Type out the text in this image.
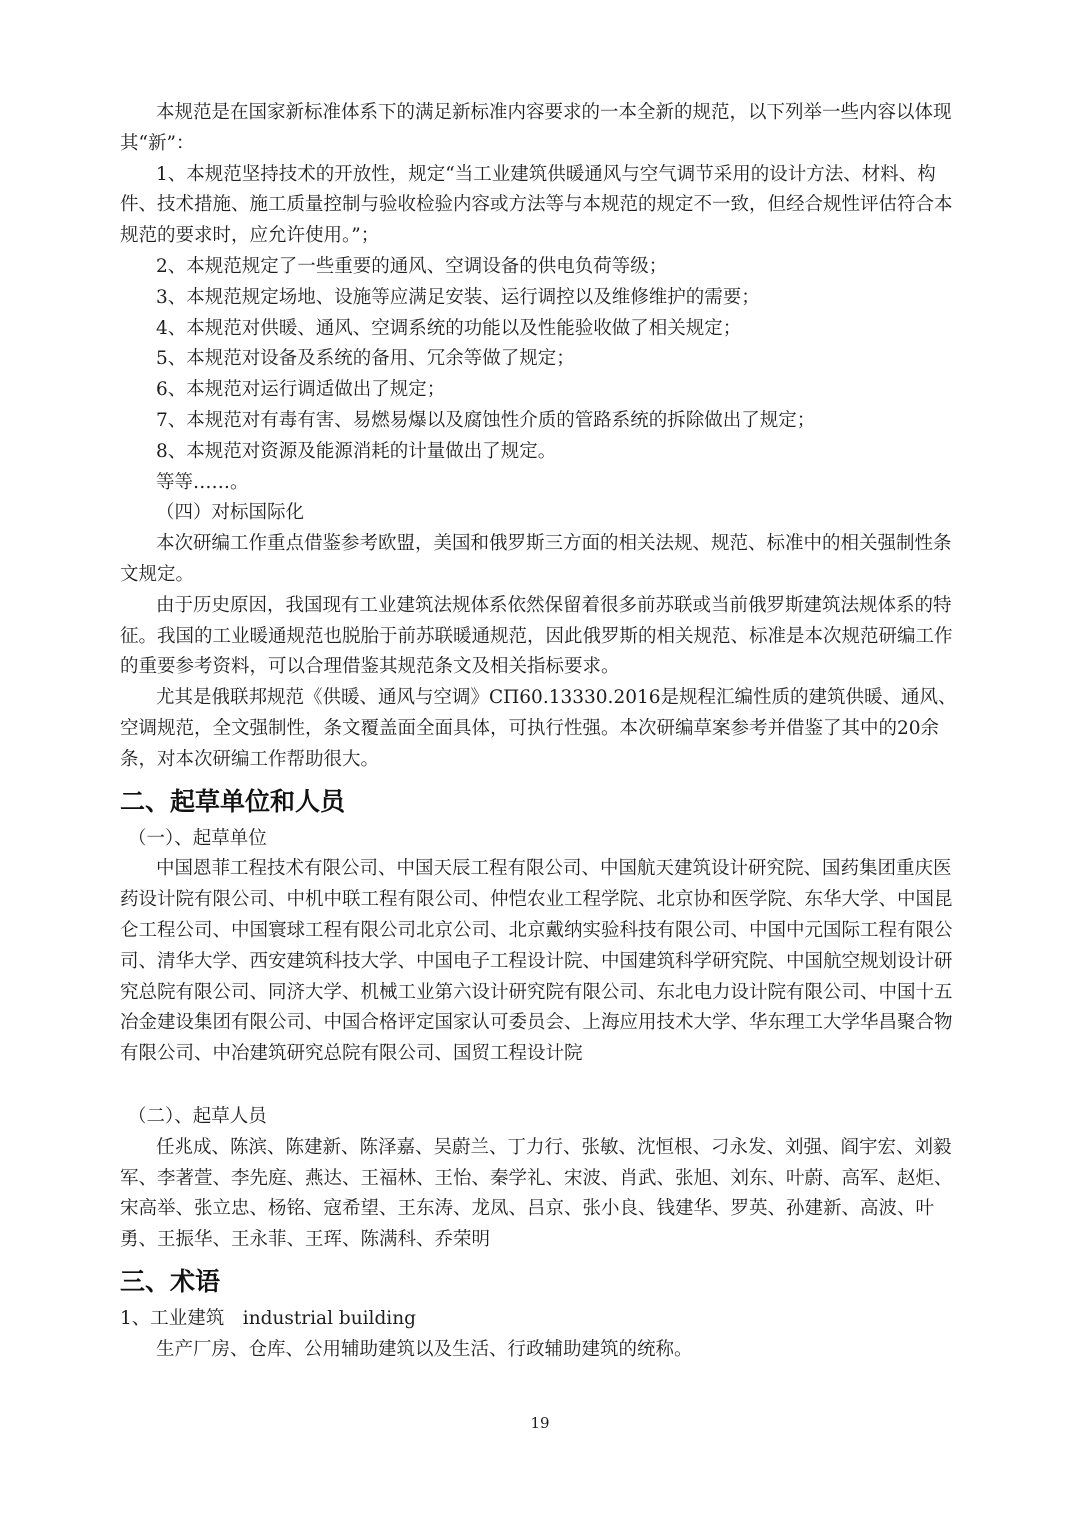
本规范是在国家新标准体系下的满足新标准内容要求的一本全新的规范，以下列举一些内容以体现其“新”：

1、本规范坚持技术的开放性，规定“当工业建筑供暖通风与空气调节采用的设计方法、材料、构件、技术措施、施工质量控制与验收检验内容或方法等与本规范的规定不一致，但经合规性评估符合本规范的要求时，应允许使用。”；

2、本规范规定了一些重要的通风、空调设备的供电负荷等级；

3、本规范规定场地、设施等应满足安装、运行调控以及维修维护的需要；

4、本规范对供暖、通风、空调系统的功能以及性能验收做了相关规定；

5、本规范对设备及系统的备用、冗余等做了规定；

6、本规范对运行调适做出了规定；

7、本规范对有毒有害、易燃易爆以及腐蚀性介质的管路系统的拆除做出了规定；

8、本规范对资源及能源消耗的计量做出了规定。

等等……。

（四）对标国际化

本次研编工作重点借鉴参考欧盟，美国和俄罗斯三方面的相关法规、规范、标准中的相关强制性条文规定。

由于历史原因，我国现有工业建筑法规体系依然保留着很多前苏联或当前俄罗斯建筑法规体系的特征。我国的工业暖通规范也脱胎于前苏联暖通规范，因此俄罗斯的相关规范、标准是本次规范研编工作的重要参考资料，可以合理借鉴其规范条文及相关指标要求。

尤其是俄联邦规范《供暖、通风与空调》СП60.13330.2016是规程汇编性质的建筑供暖、通风、空调规范，全文强制性，条文覆盖面全面具体，可执行性强。本次研编草案参考并借鉴了其中的20余条，对本次研编工作帮助很大。

二、起草单位和人员

（一）、起草单位

中国恩菲工程技术有限公司、中国天辰工程有限公司、中国航天建筑设计研究院、国药集团重庆医药设计院有限公司、中机中联工程有限公司、仲恺农业工程学院、北京协和医学院、东华大学、中国昆仑工程公司、中国寰球工程有限公司北京公司、北京戴纳实验科技有限公司、中国中元国际工程有限公司、清华大学、西安建筑科技大学、中国电子工程设计院、中国建筑科学研究院、中国航空规划设计研究总院有限公司、同济大学、机械工业第六设计研究院有限公司、东北电力设计院有限公司、中国十五冶金建设集团有限公司、中国合格评定国家认可委员会、上海应用技术大学、华东理工大学华昌聚合物有限公司、中冶建筑研究总院有限公司、国贸工程设计院

（二）、起草人员

任兆成、陈滨、陈建新、陈泽嘉、吴蔚兰、丁力行、张敏、沈恒根、刁永发、刘强、阎宇宏、刘毅军、李著萱、李先庭、燕达、王福林、王怡、秦学礼、宋波、肖武、张旭、刘东、叶蔚、高军、赵炬、宋高举、张立忠、杨铭、寇希望、王东涛、龙凤、吕京、张小良、钱建华、罗英、孙建新、高波、叶勇、王振华、王永菲、王珲、陈满科、乔荣明

三、术语

1、工业建筑　industrial building

生产厂房、仓库、公用辅助建筑以及生活、行政辅助建筑的统称。

19
